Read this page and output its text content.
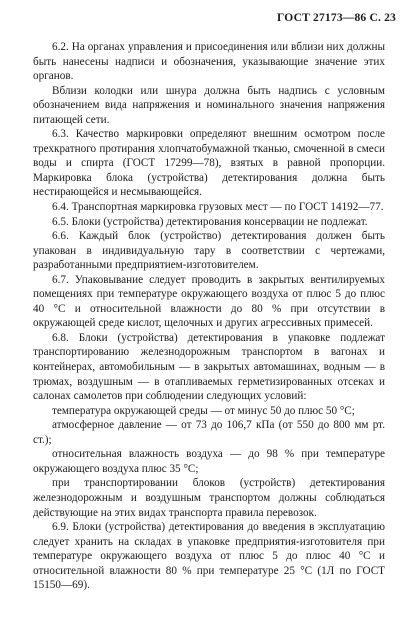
ГОСТ 27173—86 С. 23

6.2. На органах управления и присоединения или вблизи них должны быть нанесены надписи и обозначения, указывающие значение этих органов.

Вблизи колодки или шнура должна быть надпись с условным обозначением вида напряжения и номинального значения напряжения питающей сети.

6.3. Качество маркировки определяют внешним осмотром после трехкратного протирания хлопчатобумажной тканью, смоченной в смеси воды и спирта (ГОСТ 17299—78), взятых в равной пропорции. Маркировка блока (устройства) детектирования должна быть нестирающейся и несмывающейся.

6.4. Транспортная маркировка грузовых мест — по ГОСТ 14192—77.

6.5. Блоки (устройства) детектирования консервации не подлежат.

6.6. Каждый блок (устройство) детектирования должен быть упакован в индивидуальную тару в соответствии с чертежами, разработанными предприятием-изготовителем.

6.7. Упаковывание следует проводить в закрытых вентилируемых помещениях при температуре окружающего воздуха от плюс 5 до плюс 40 °С и относительной влажности до 80 % при отсутствии в окружающей среде кислот, щелочных и других агрессивных примесей.

6.8. Блоки (устройства) детектирования в упаковке подлежат транспортированию железнодорожным транспортом в вагонах и контейнерах, автомобильным — в закрытых автомашинах, водным — в трюмах, воздушным — в отапливаемых герметизированных отсеках и салонах самолетов при соблюдении следующих условий:

температура окружающей среды — от минус 50 до плюс 50 °С;

атмосферное давление — от 73 до 106,7 кПа (от 550 до 800 мм рт. ст.);

относительная влажность воздуха — до 98 % при температуре окружающего воздуха плюс 35 °С;

при транспортировании блоков (устройств) детектирования железнодорожным и воздушным транспортом должны соблюдаться действующие на этих видах транспорта правила перевозок.

6.9. Блоки (устройства) детектирования до введения в эксплуатацию следует хранить на складах в упаковке предприятия-изготовителя при температуре окружающего воздуха от плюс 5 до плюс 40 °С и относительной влажности 80 % при температуре 25 °С (1Л по ГОСТ 15150—69).
